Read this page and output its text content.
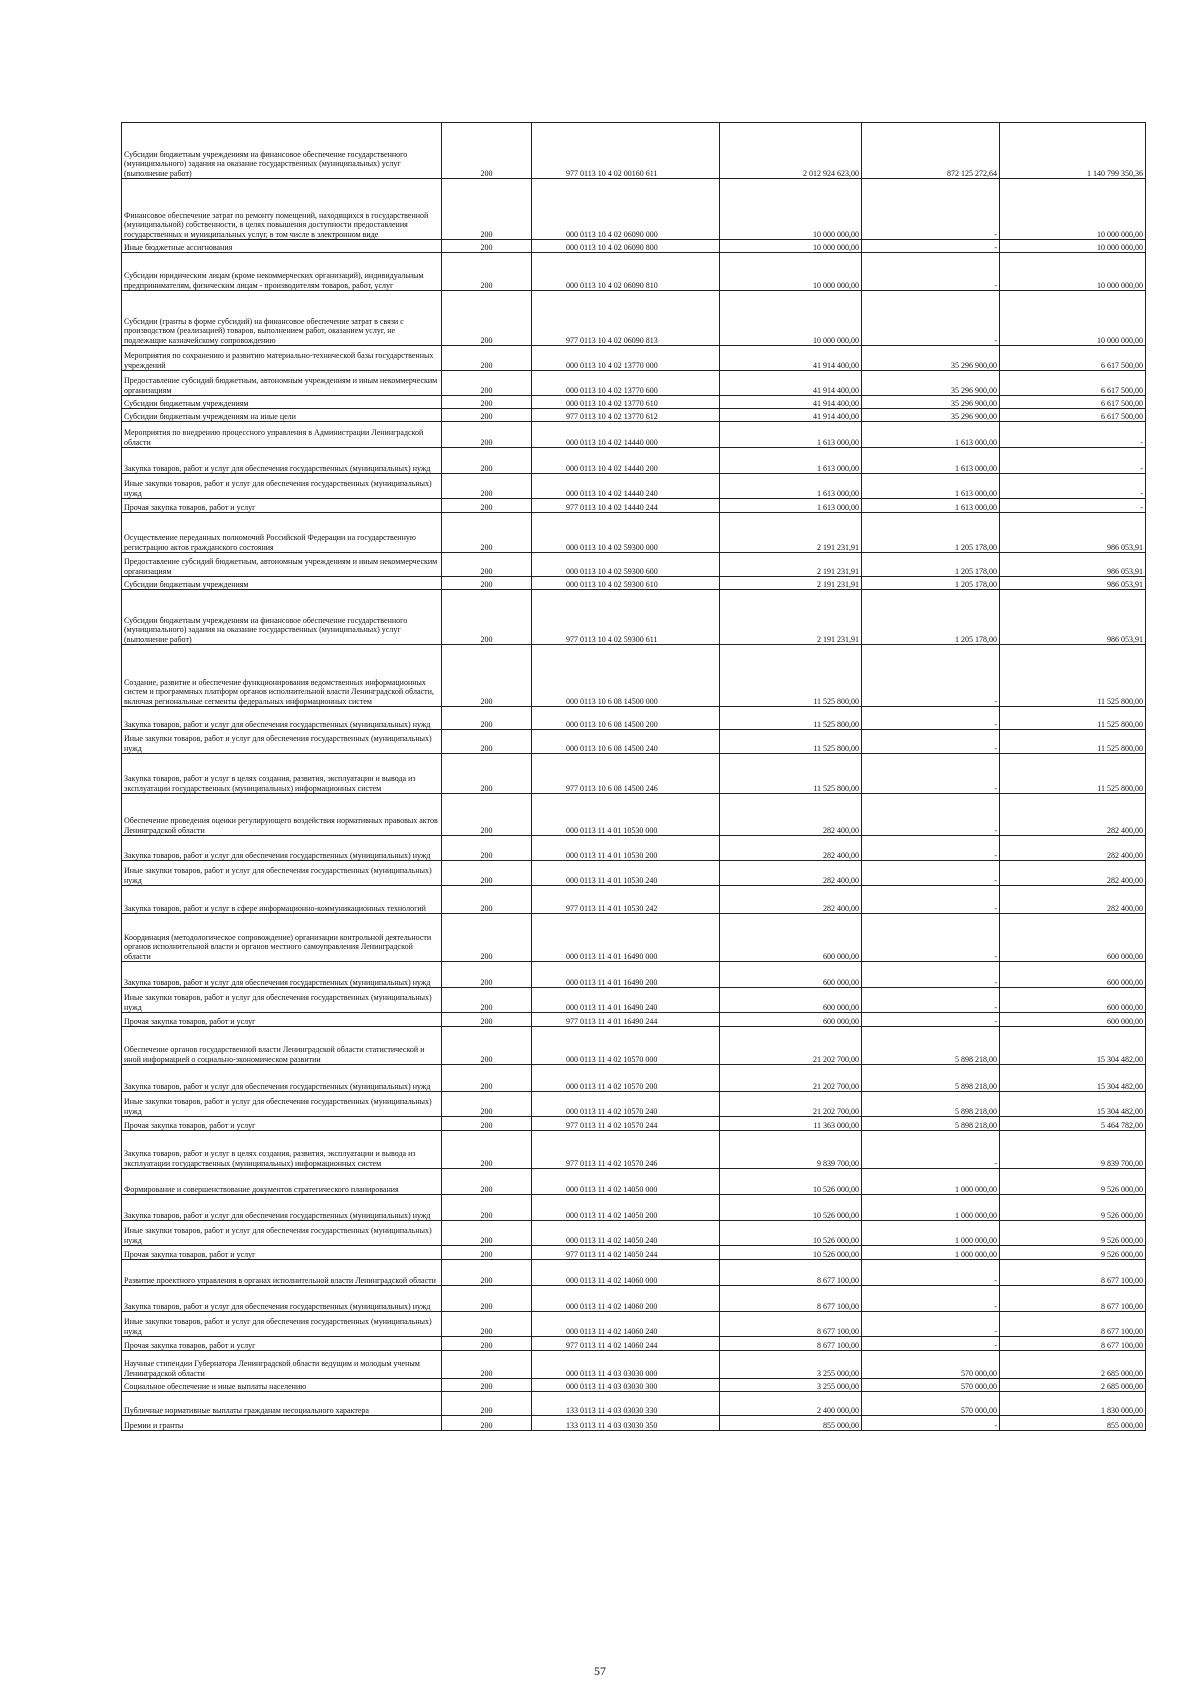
Субсидии бюджетным учреждениям на финансовое обеспечение государственного (муниципального) задания на оказание государственных (муниципальных) услуг (выполнение работ)	200	977 0113 10 4 02 00160 611	2 012 924 623,00	872 125 272,64	1 140 799 350,36
Финансовое обеспечение затрат по ремонту помещений, находящихся в государственной (муниципальной) собственности, в целях повышения доступности предоставления государственных и муниципальных услуг, в том числе в электронном виде	200	000 0113 10 4 02 06090 000	10 000 000,00	-	10 000 000,00
Иные бюджетные ассигнования	200	000 0113 10 4 02 06090 800	10 000 000,00	-	10 000 000,00
Субсидии юридическим лицам (кроме некоммерческих организаций), индивидуальным предпринимателям, физическим лицам - производителям товаров, работ, услуг	200	000 0113 10 4 02 06090 810	10 000 000,00	-	10 000 000,00
Субсидии (гранты в форме субсидий) на финансовое обеспечение затрат в связи с производством (реализацией) товаров, выполнением работ, оказанием услуг, не подлежащие казначейскому сопровождению	200	977 0113 10 4 02 06090 813	10 000 000,00	-	10 000 000,00
Мероприятия по сохранению и развитию материально-технической базы государственных учреждений	200	000 0113 10 4 02 13770 000	41 914 400,00	35 296 900,00	6 617 500,00
Предоставление субсидий бюджетным, автономным учреждениям и иным некоммерческим организациям	200	000 0113 10 4 02 13770 600	41 914 400,00	35 296 900,00	6 617 500,00
Субсидии бюджетным учреждениям	200	000 0113 10 4 02 13770 610	41 914 400,00	35 296 900,00	6 617 500,00
Субсидии бюджетным учреждениям на иные цели	200	977 0113 10 4 02 13770 612	41 914 400,00	35 296 900,00	6 617 500,00
Мероприятия по внедрению процессного управления в Администрации Ленинградской области	200	000 0113 10 4 02 14440 000	1 613 000,00	1 613 000,00	-
Закупка товаров, работ и услуг для обеспечения государственных (муниципальных) нужд	200	000 0113 10 4 02 14440 200	1 613 000,00	1 613 000,00	-
Иные закупки товаров, работ и услуг для обеспечения государственных (муниципальных) нужд	200	000 0113 10 4 02 14440 240	1 613 000,00	1 613 000,00	-
Прочая закупка товаров, работ и услуг	200	977 0113 10 4 02 14440 244	1 613 000,00	1 613 000,00	-
Осуществление переданных полномочий Российской Федерации на государственную регистрацию актов гражданского состояния	200	000 0113 10 4 02 59300 000	2 191 231,91	1 205 178,00	986 053,91
Предоставление субсидий бюджетным, автономным учреждениям и иным некоммерческим организациям	200	000 0113 10 4 02 59300 600	2 191 231,91	1 205 178,00	986 053,91
Субсидии бюджетным учреждениям	200	000 0113 10 4 02 59300 610	2 191 231,91	1 205 178,00	986 053,91
Субсидии бюджетным учреждениям на финансовое обеспечение государственного (муниципального) задания на оказание государственных (муниципальных) услуг (выполнение работ)	200	977 0113 10 4 02 59300 611	2 191 231,91	1 205 178,00	986 053,91
Создание, развитие и обеспечение функционирования ведомственных информационных систем и программных платформ органов исполнительной власти Ленинградской области, включая региональные сегменты федеральных информационных систем	200	000 0113 10 6 08 14500 000	11 525 800,00	-	11 525 800,00
Закупка товаров, работ и услуг для обеспечения государственных (муниципальных) нужд	200	000 0113 10 6 08 14500 200	11 525 800,00	-	11 525 800,00
Иные закупки товаров, работ и услуг для обеспечения государственных (муниципальных) нужд	200	000 0113 10 6 08 14500 240	11 525 800,00	-	11 525 800,00
Закупка товаров, работ и услуг в целях создания, развития, эксплуатации и вывода из эксплуатации государственных (муниципальных) информационных систем	200	977 0113 10 6 08 14500 246	11 525 800,00	-	11 525 800,00
Обеспечение проведения оценки регулирующего воздействия нормативных правовых актов Ленинградской области	200	000 0113 11 4 01 10530 000	282 400,00	-	282 400,00
Закупка товаров, работ и услуг для обеспечения государственных (муниципальных) нужд	200	000 0113 11 4 01 10530 200	282 400,00	-	282 400,00
Иные закупки товаров, работ и услуг для обеспечения государственных (муниципальных) нужд	200	000 0113 11 4 01 10530 240	282 400,00	-	282 400,00
Закупка товаров, работ и услуг в сфере информационно-коммуникационных технологий	200	977 0113 11 4 01 10530 242	282 400,00	-	282 400,00
Координация (методологическое сопровождение) организации контрольной деятельности органов исполнительной власти и органов местного самоуправления Ленинградской области	200	000 0113 11 4 01 16490 000	600 000,00	-	600 000,00
Закупка товаров, работ и услуг для обеспечения государственных (муниципальных) нужд	200	000 0113 11 4 01 16490 200	600 000,00	-	600 000,00
Иные закупки товаров, работ и услуг для обеспечения государственных (муниципальных) нужд	200	000 0113 11 4 01 16490 240	600 000,00	-	600 000,00
Прочая закупка товаров, работ и услуг	200	977 0113 11 4 01 16490 244	600 000,00	-	600 000,00
Обеспечение органов государственной власти Ленинградской области статистической и иной информацией о социально-экономическом развитии	200	000 0113 11 4 02 10570 000	21 202 700,00	5 898 218,00	15 304 482,00
Закупка товаров, работ и услуг для обеспечения государственных (муниципальных) нужд	200	000 0113 11 4 02 10570 200	21 202 700,00	5 898 218,00	15 304 482,00
Иные закупки товаров, работ и услуг для обеспечения государственных (муниципальных) нужд	200	000 0113 11 4 02 10570 240	21 202 700,00	5 898 218,00	15 304 482,00
Прочая закупка товаров, работ и услуг	200	977 0113 11 4 02 10570 244	11 363 000,00	5 898 218,00	5 464 782,00
Закупка товаров, работ и услуг в целях создания, развития, эксплуатации и вывода из эксплуатации государственных (муниципальных) информационных систем	200	977 0113 11 4 02 10570 246	9 839 700,00	-	9 839 700,00
Формирование и совершенствование документов стратегического планирования	200	000 0113 11 4 02 14050 000	10 526 000,00	1 000 000,00	9 526 000,00
Закупка товаров, работ и услуг для обеспечения государственных (муниципальных) нужд	200	000 0113 11 4 02 14050 200	10 526 000,00	1 000 000,00	9 526 000,00
Иные закупки товаров, работ и услуг для обеспечения государственных (муниципальных) нужд	200	000 0113 11 4 02 14050 240	10 526 000,00	1 000 000,00	9 526 000,00
Прочая закупка товаров, работ и услуг	200	977 0113 11 4 02 14050 244	10 526 000,00	1 000 000,00	9 526 000,00
Развитие проектного управления в органах исполнительной власти Ленинградской области	200	000 0113 11 4 02 14060 000	8 677 100,00	-	8 677 100,00
Закупка товаров, работ и услуг для обеспечения государственных (муниципальных) нужд	200	000 0113 11 4 02 14060 200	8 677 100,00	-	8 677 100,00
Иные закупки товаров, работ и услуг для обеспечения государственных (муниципальных) нужд	200	000 0113 11 4 02 14060 240	8 677 100,00	-	8 677 100,00
Прочая закупка товаров, работ и услуг	200	977 0113 11 4 02 14060 244	8 677 100,00	-	8 677 100,00
Научные стипендии Губернатора Ленинградской области ведущим и молодым ученым Ленинградской области	200	000 0113 11 4 03 03030 000	3 255 000,00	570 000,00	2 685 000,00
Социальное обеспечение и иные выплаты населению	200	000 0113 11 4 03 03030 300	3 255 000,00	570 000,00	2 685 000,00
Публичные нормативные выплаты гражданам несоциального характера	200	133 0113 11 4 03 03030 330	2 400 000,00	570 000,00	1 830 000,00
Премии и гранты	200	133 0113 11 4 03 03030 350	855 000,00	-	855 000,00
57
